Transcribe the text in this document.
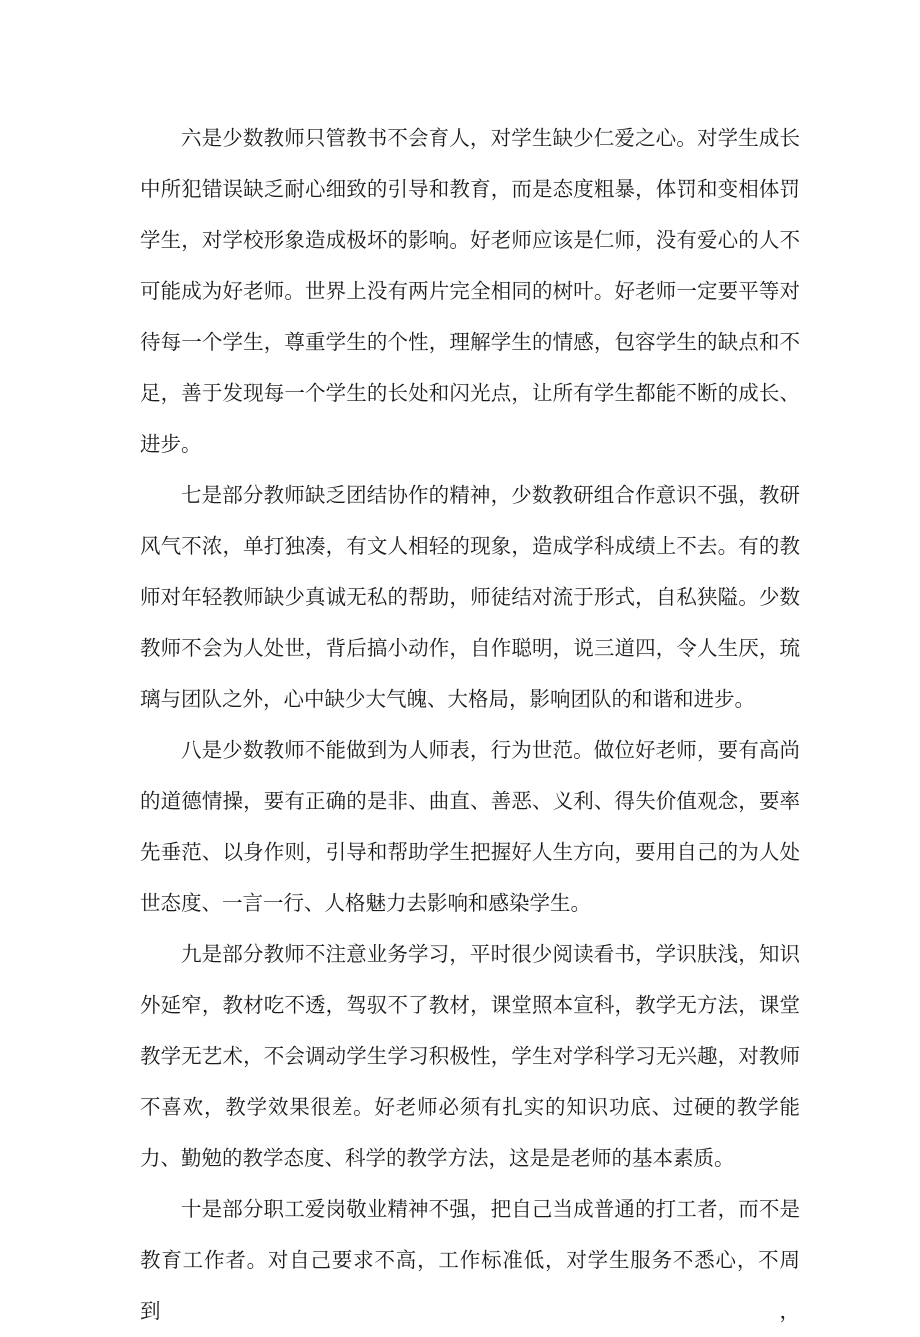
六是少数教师只管教书不会育人，对学生缺少仁爱之心。对学生成长中所犯错误缺乏耐心细致的引导和教育，而是态度粗暴，体罚和变相体罚学生，对学校形象造成极坏的影响。好老师应该是仁师，没有爱心的人不可能成为好老师。世界上没有两片完全相同的树叶。好老师一定要平等对待每一个学生，尊重学生的个性，理解学生的情感，包容学生的缺点和不足，善于发现每一个学生的长处和闪光点，让所有学生都能不断的成长、进步。

七是部分教师缺乏团结协作的精神，少数教研组合作意识不强，教研风气不浓，单打独凑，有文人相轻的现象，造成学科成绩上不去。有的教师对年轻教师缺少真诚无私的帮助，师徒结对流于形式，自私狭隘。少数教师不会为人处世，背后搞小动作，自作聪明，说三道四，令人生厌，琉璃与团队之外，心中缺少大气魄、大格局，影响团队的和谐和进步。

八是少数教师不能做到为人师表，行为世范。做位好老师，要有高尚的道德情操，要有正确的是非、曲直、善恶、义利、得失价值观念，要率先垂范、以身作则，引导和帮助学生把握好人生方向，要用自己的为人处世态度、一言一行、人格魅力去影响和感染学生。

九是部分教师不注意业务学习，平时很少阅读看书，学识肤浅，知识外延窄，教材吃不透，驾驭不了教材，课堂照本宣科，教学无方法，课堂教学无艺术，不会调动学生学习积极性，学生对学科学习无兴趣，对教师不喜欢，教学效果很差。好老师必须有扎实的知识功底、过硬的教学能力、勤勉的教学态度、科学的教学方法，这是是老师的基本素质。

十是部分职工爱岗敬业精神不强，把自己当成普通的打工者，而不是教育工作者。对自己要求不高，工作标准低，对学生服务不悉心，不周到，
